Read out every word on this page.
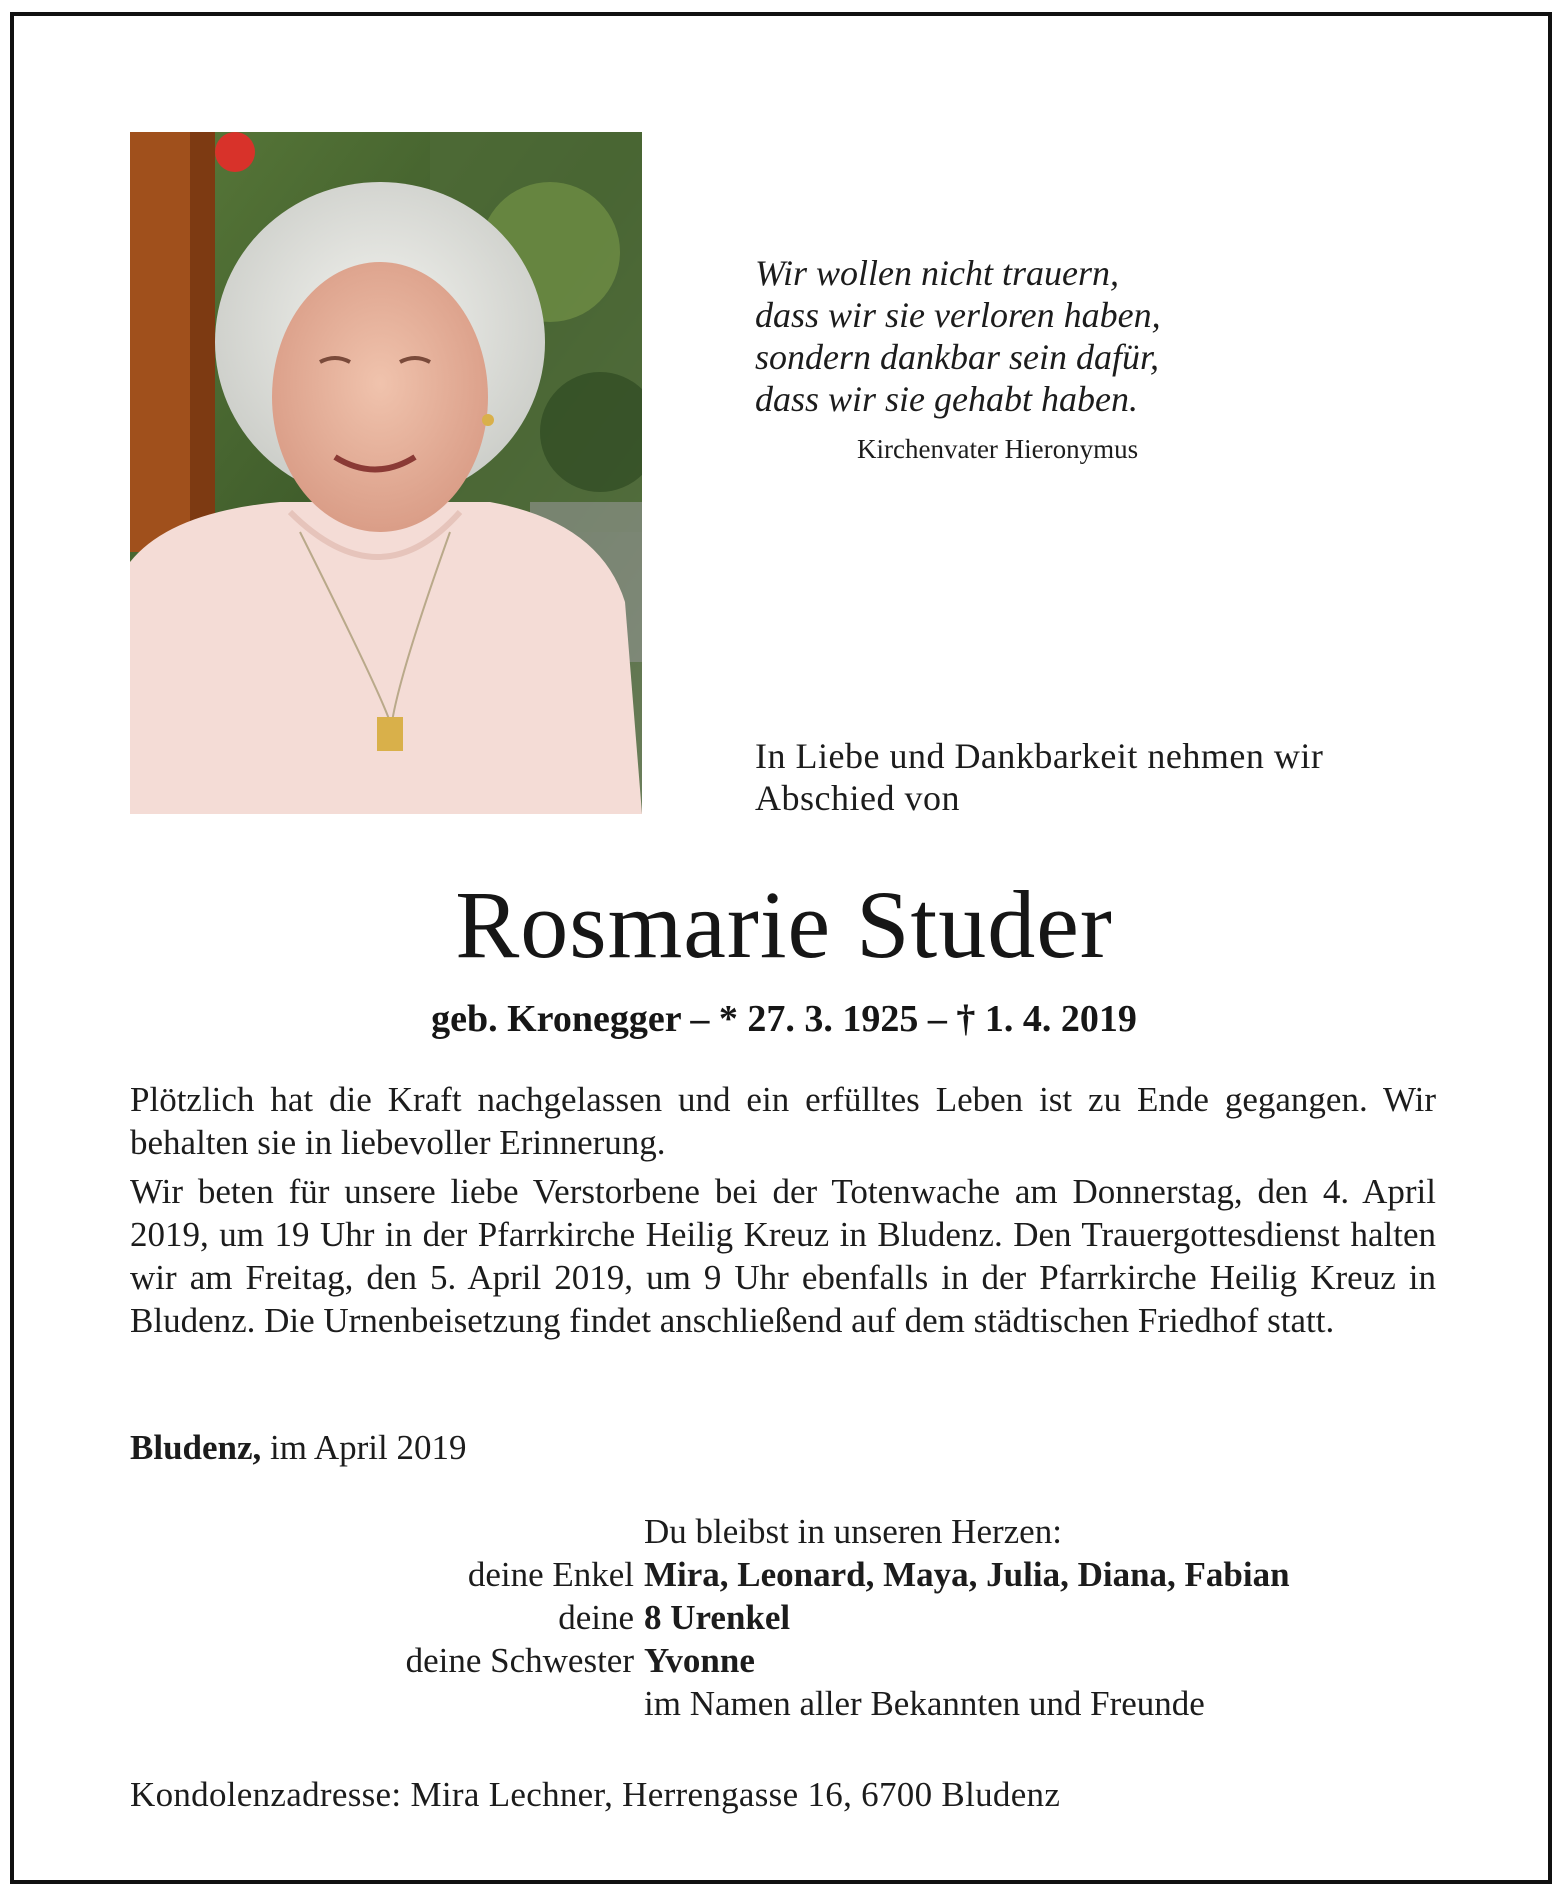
Wir wollen nicht trauern,
dass wir sie verloren haben,
sondern dankbar sein dafür,
dass wir sie gehabt haben.
Kirchenvater Hieronymus
In Liebe und Dankbarkeit nehmen wir
Abschied von
Rosmarie Studer
geb. Kronegger – * 27. 3. 1925 – † 1. 4. 2019

Plötzlich hat die Kraft nachgelassen und ein erfülltes Leben ist zu Ende gegangen. Wir behalten sie in liebevoller Erinnerung.

Wir beten für unsere liebe Verstorbene bei der Totenwache am Donnerstag, den 4. April 2019, um 19 Uhr in der Pfarrkirche Heilig Kreuz in Bludenz. Den Trauergottesdienst halten wir am Freitag, den 5. April 2019, um 9 Uhr ebenfalls in der Pfarrkirche Heilig Kreuz in Bludenz. Die Urnenbeisetzung findet anschließend auf dem städtischen Friedhof statt.

Bludenz, im April 2019
Du bleibst in unseren Herzen:
deine Enkel Mira, Leonard, Maya, Julia, Diana, Fabian
deine 8 Urenkel
deine Schwester Yvonne
im Namen aller Bekannten und Freunde
Kondolenzadresse: Mira Lechner, Herrengasse 16, 6700 Bludenz
